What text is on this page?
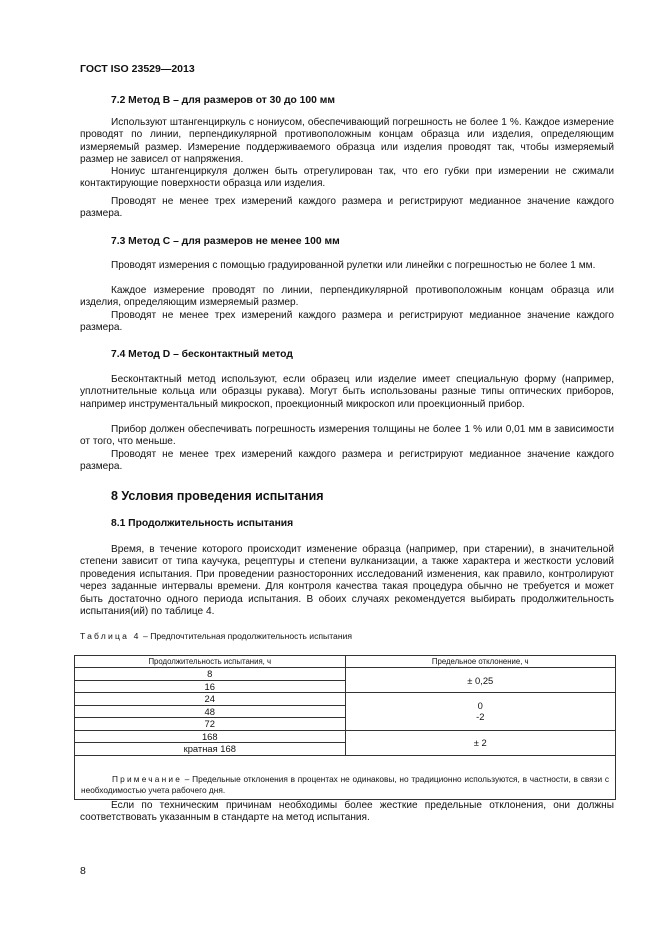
ГОСТ ISO 23529—2013
7.2 Метод В – для размеров от 30 до 100 мм

Используют штангенциркуль с нониусом, обеспечивающий погрешность не более 1 %. Каждое измерение проводят по линии, перпендикулярной противоположным концам образца или изделия, определяющим измеряемый размер. Измерение поддерживаемого образца или изделия проводят так, чтобы измеряемый размер не зависел от напряжения.

Нониус штангенциркуля должен быть отрегулирован так, что его губки при измерении не сжимали контактирующие поверхности образца или изделия.

Проводят не менее трех измерений каждого размера и регистрируют медианное значение каждого размера.

7.3 Метод С – для размеров не менее 100 мм

Проводят измерения с помощью градуированной рулетки или линейки с погрешностью не более 1 мм.

Каждое измерение проводят по линии, перпендикулярной противоположным концам образца или изделия, определяющим измеряемый размер.

Проводят не менее трех измерений каждого размера и регистрируют медианное значение каждого размера.

7.4 Метод D – бесконтактный метод

Бесконтактный метод используют, если образец или изделие имеет специальную форму (например, уплотнительные кольца или образцы рукава). Могут быть использованы разные типы оптических приборов, например инструментальный микроскоп, проекционный микроскоп или проекционный прибор.

Прибор должен обеспечивать погрешность измерения толщины не более 1 % или 0,01 мм в зависимости от того, что меньше.

Проводят не менее трех измерений каждого размера и регистрируют медианное значение каждого размера.

8 Условия проведения испытания
8.1 Продолжительность испытания

Время, в течение которого происходит изменение образца (например, при старении), в значительной степени зависит от типа каучука, рецептуры и степени вулканизации, а также характера и жесткости условий проведения испытания. При проведении разносторонних исследований изменения, как правило, контролируют через заданные интервалы времени. Для контроля качества такая процедура обычно не требуется и может быть достаточно одного периода испытания. В обоих случаях рекомендуется выбирать продолжительность испытания(ий) по таблице 4.

Таблица 4 – Предпочтительная продолжительность испытания
Продолжительность испытания, ч	Предельное отклонение, ч
8	± 0,25
16	
24	0
-2

48	
72	
168	± 2
кратная 168	
Примечание – Предельные отклонения в процентах не одинаковы, но традиционно используются, в частности, в связи с необходимостью учета рабочего дня.	

Если по техническим причинам необходимы более жесткие предельные отклонения, они должны соответствовать указанным в стандарте на метод испытания.

8
